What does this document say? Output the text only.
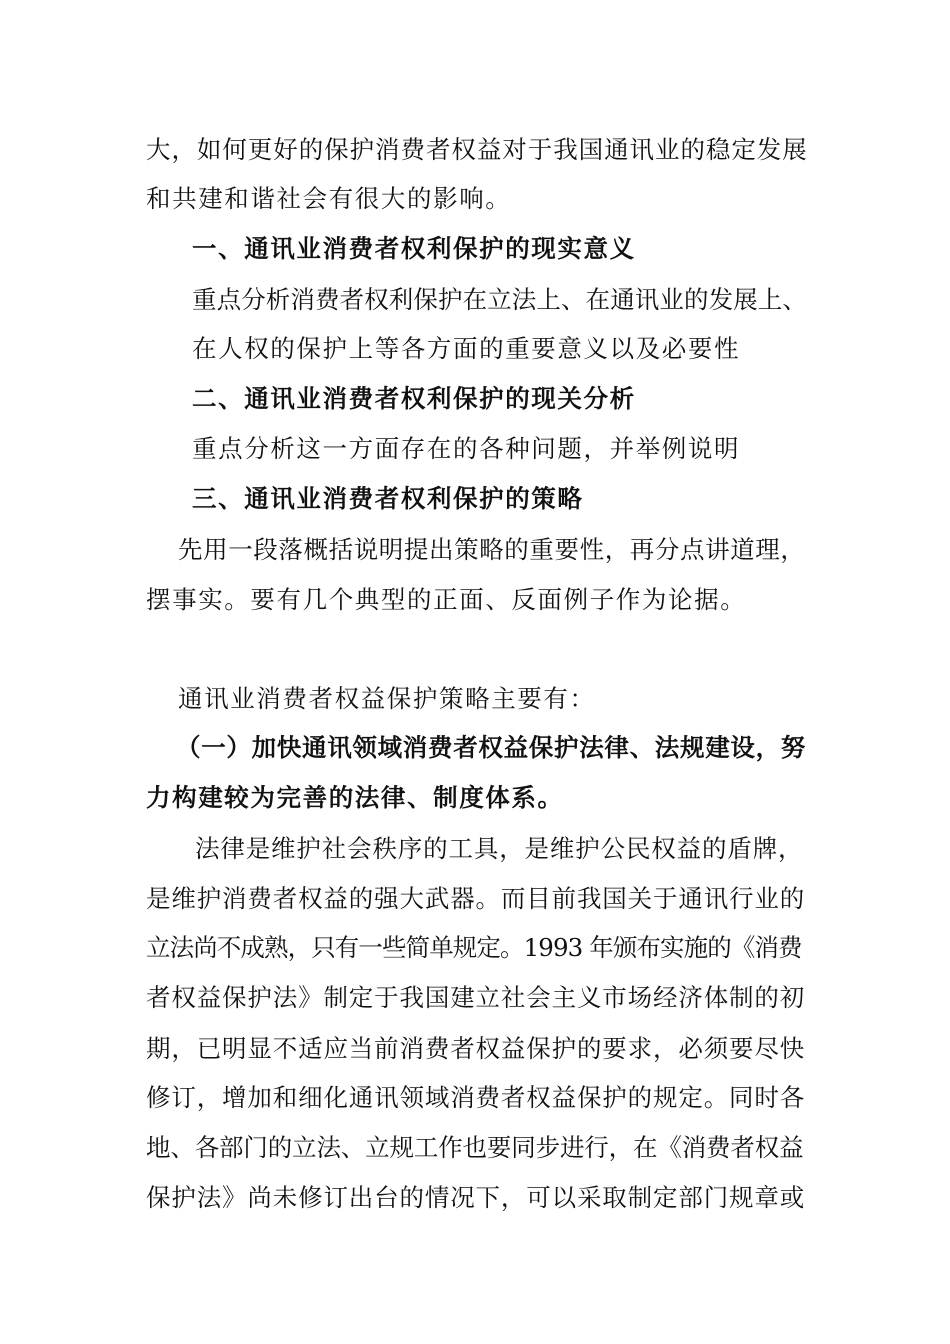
大，如何更好的保护消费者权益对于我国通讯业的稳定发展
和共建和谐社会有很大的影响。
一、通讯业消费者权利保护的现实意义
重点分析消费者权利保护在立法上、在通讯业的发展上、
在人权的保护上等各方面的重要意义以及必要性
二、通讯业消费者权利保护的现关分析
重点分析这一方面存在的各种问题，并举例说明
三、通讯业消费者权利保护的策略
先用一段落概括说明提出策略的重要性，再分点讲道理，
摆事实。要有几个典型的正面、反面例子作为论据。
通讯业消费者权益保护策略主要有：
（一）加快通讯领域消费者权益保护法律、法规建设，努
力构建较为完善的法律、制度体系。
法律是维护社会秩序的工具，是维护公民权益的盾牌，
是维护消费者权益的强大武器。而目前我国关于通讯行业的
立法尚不成熟，只有一些简单规定。1993 年颁布实施的《消费
者权益保护法》制定于我国建立社会主义市场经济体制的初
期，已明显不适应当前消费者权益保护的要求，必须要尽快
修订，增加和细化通讯领域消费者权益保护的规定。同时各
地、各部门的立法、立规工作也要同步进行，在《消费者权益
保护法》尚未修订出台的情况下，可以采取制定部门规章或
